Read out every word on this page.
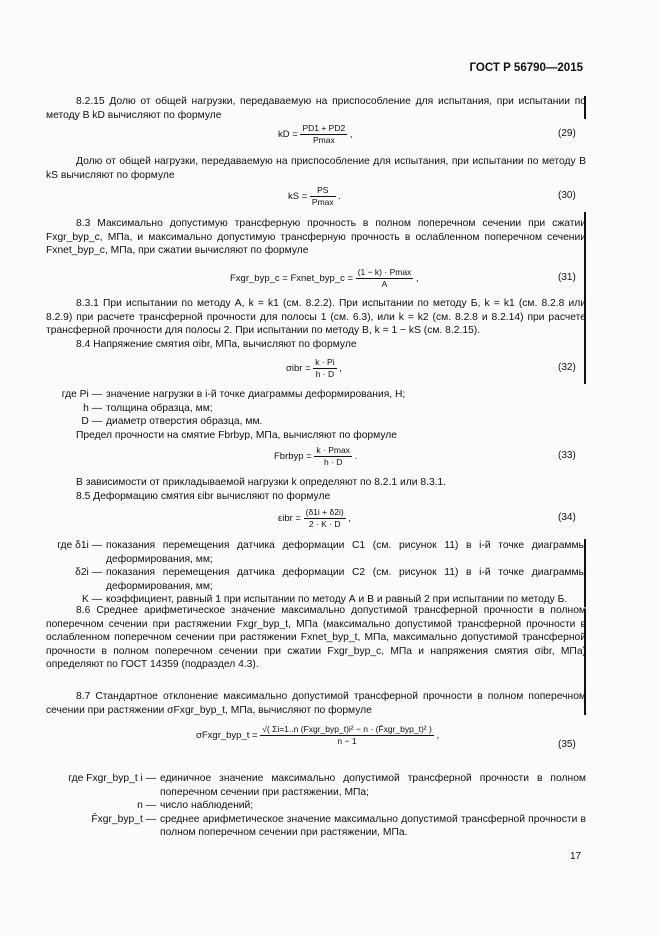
ГОСТ Р 56790—2015
8.2.15 Долю от общей нагрузки, передаваемую на приспособление для испытания, при испытании по методу В kD вычисляют по формуле
kD = $\frac{PD1 + PD2}{Pmax}$ ,	(29)
Долю от общей нагрузки, передаваемую на приспособление для испытания, при испытании по методу В kS вычисляют по формуле
kS = $\frac{PS}{Pmax}$ .	(30)
8.3 Максимально допустимую трансферную прочность в полном поперечном сечении при сжатии Fxgr_byp_c, МПа, и максимально допустимую трансферную прочность в ослабленном поперечном сечении Fxnet_byp_c, МПа, при сжатии вычисляют по формуле
Fxgr_byp_c = Fxnet_byp_c = $\frac{(1 - k) \cdot Pmax}{A}$ ,	(31)
8.3.1 При испытании по методу А, k = k1 (см. 8.2.2). При испытании по методу Б, k = k1 (см. 8.2.8 или 8.2.9) при расчете трансферной прочности для полосы 1 (см. 6.3), или k = k2 (см. 8.2.8 и 8.2.14) при расчете трансферной прочности для полосы 2. При испытании по методу В, k = 1 − kS (см. 8.2.15).
8.4 Напряжение смятия σibr, МПа, вычисляют по формуле
$\sigma ibr = \frac{k \cdot Pi}{h \cdot D}$ ,	(32)
где Pi — значение нагрузки в i-й точке диаграммы деформирования, Н;
h — толщина образца, мм;
D — диаметр отверстия образца, мм.
Предел прочности на смятие Fbrbyp, МПа, вычисляют по формуле
Fbrbyp = $\frac{k \cdot Pmax}{h \cdot D}$ .	(33)
В зависимости от прикладываемой нагрузки k определяют по 8.2.1 или 8.3.1.
8.5 Деформацию смятия εibr вычисляют по формуле
$\varepsilon ibr = \frac{(\delta 1i + \delta 2i)}{2 \cdot K \cdot D}$ ,	(34)
где δ1i — показания перемещения датчика деформации С1 (см. рисунок 11) в i-й точке диаграммы деформирования, мм;
δ2i — показания перемещения датчика деформации С2 (см. рисунок 11) в i-й точке диаграммы деформирования, мм;
K — коэффициент, равный 1 при испытании по методу А и В и равный 2 при испытании по методу Б.
8.6 Среднее арифметическое значение максимально допустимой трансферной прочности в полном поперечном сечении при растяжении Fxgr_byp_t, МПа (максимально допустимой трансферной прочности в ослабленном поперечном сечении при растяжении Fxnet_byp_t, МПа, максимально допустимой трансферной прочности в полном поперечном сечении при сжатии Fxgr_byp_c, МПа и напряжения смятия σibr, МПа) определяют по ГОСТ 14359 (подраздел 4.3).
8.7 Стандартное отклонение максимально допустимой трансферной прочности в полном поперечном сечении при растяжении σFxgr_byp_t, МПа, вычисляют по формуле
σFxgr_byp_t = $\frac{\text{√( Σi=1..n (Fxgr\_byp\_t)i² − n · (F̄xgr\_byp\_t)² )}}{n - 1}$ ,
(35)
где Fxgr_byp_t i — единичное значение максимально допустимой трансферной прочности в полном поперечном сечении при растяжении, МПа;
n — число наблюдений;
F̄xgr_byp_t — среднее арифметическое значение максимально допустимой трансферной прочности в полном поперечном сечении при растяжении, МПа.
17
